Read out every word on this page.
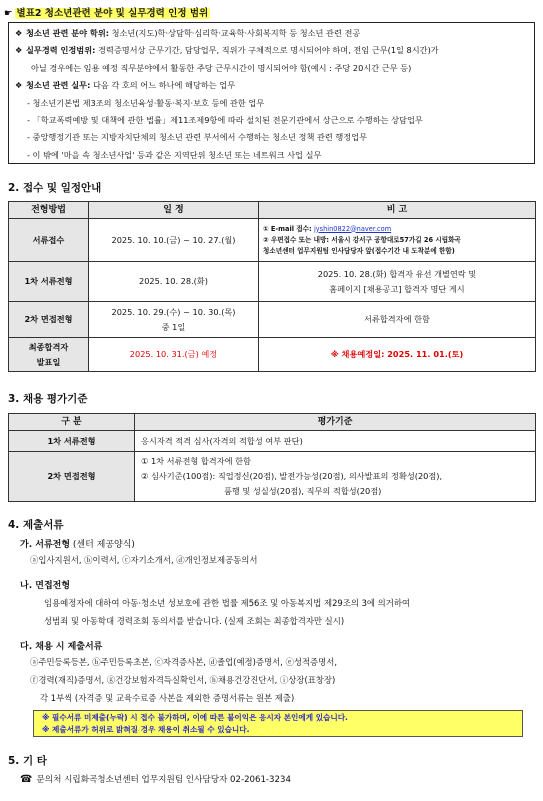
☛ 별표2 청소년관련 분야 및 실무경력 인정 범위
❖ 청소년 관련 분야 학위: 청소년(지도)학·상담학·심리학·교육학·사회복지학 등 청소년 관련 전공
❖ 실무경력 인정범위: 경력증명서상 근무기간, 담당업무, 직위가 구체적으로 명시되어야 하며, 전임 근무(1일 8시간)가
아닐 경우에는 임용 예정 직무분야에서 활동한 주당 근무시간이 명시되어야 함(예시 : 주당 20시간 근무 등)
❖ 청소년 관련 실무: 다음 각 호의 어느 하나에 해당하는 업무
- 청소년기본법 제3조의 청소년육성·활동·복지·보호 등에 관한 업무
- 「학교폭력예방 및 대책에 관한 법률」제11조제9항에 따라 설치된 전문기관에서 상근으로 수행하는 상담업무
- 중앙행정기관 또는 지방자치단체의 청소년 관련 부서에서 수행하는 청소년 정책 관련 행정업무
- 이 밖에 '마을 속 청소년사업' 등과 같은 지역단위 청소년 또는 네트워크 사업 실무
2. 접수 및 일정안내
전형방법	일 정	비 고
서류접수	2025. 10. 10.(금) ~ 10. 27.(월)	① E-mail 접수: jyshin0822@naver.com
② 우편접수 또는 내방: 서울시 강서구 공항대로57가길 26 시립화곡
청소년센터 업무지원팀 인사담당자 앞(접수기간 내 도착분에 한함)

1차 서류전형	2025. 10. 28.(화)	2025. 10. 28.(화) 합격자 유선 개별연락 및
홈페이지 [채용공고] 합격자 명단 게시

2차 면접전형	2025. 10. 29.(수) ~ 10. 30.(목)
중 1일	서류합격자에 한함

최종합격자
발표일	2025. 10. 31.(금) 예정	※ 채용예정일: 2025. 11. 01.(토)
3. 채용 평가기준
구 분	평가기준
1차 서류전형	응시자격 적격 심사(자격의 적합성 여부 판단)
2차 면접전형	① 1차 서류전형 합격자에 한함
② 심사기준(100점): 직업정신(20점), 발전가능성(20점), 의사발표의 정확성(20점),
품행 및 성실성(20점), 직무의 적합성(20점)
4. 제출서류
가. 서류전형 (센터 제공양식)
ⓐ입사지원서, ⓑ이력서, ⓒ자기소개서, ⓓ개인정보제공동의서
나. 면접전형
임용예정자에 대하여 아동·청소년 성보호에 관한 법률 제56조 및 아동복지법 제29조의 3에 의거하여
성범죄 및 아동학대 경력조회 동의서를 받습니다. (실제 조회는 최종합격자만 실시)
다. 채용 시 제출서류
ⓐ주민등록등본, ⓑ주민등록초본, ⓒ자격증사본, ⓓ졸업(예정)증명서, ⓔ성적증명서,
ⓕ경력(재직)증명서, ⓖ건강보험자격득실확인서, ⓗ채용건강진단서, ⓘ상장(표창장)
각 1부씩 (자격증 및 교육수료증 사본을 제외한 증명서류는 원본 제출)
※ 필수서류 미제출(누락) 시 접수 불가하며, 이에 따른 불이익은 응시자 본인에게 있습니다.
※ 제출서류가 허위로 밝혀질 경우 채용이 취소될 수 있습니다.
5. 기 타
☎ 문의처 시립화곡청소년센터 업무지원팀 인사담당자 02-2061-3234
